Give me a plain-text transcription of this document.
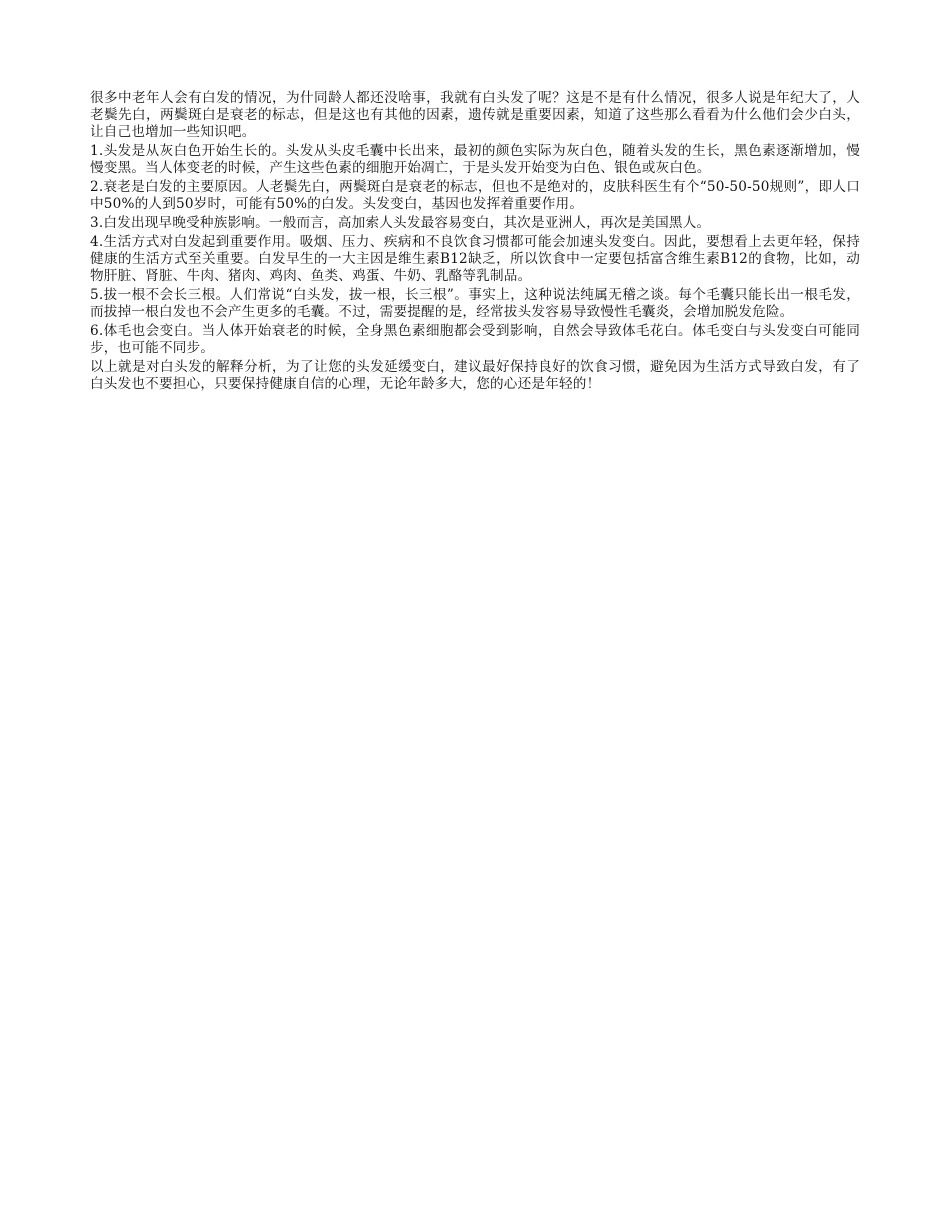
很多中老年人会有白发的情况，为什同龄人都还没啥事，我就有白头发了呢？这是不是有什么情况，很多人说是年纪大了，人老鬓先白，两鬓斑白是衰老的标志，但是这也有其他的因素，遗传就是重要因素，知道了这些那么看看为什么他们会少白头，让自己也增加一些知识吧。

1.头发是从灰白色开始生长的。头发从头皮毛囊中长出来，最初的颜色实际为灰白色，随着头发的生长，黑色素逐渐增加，慢慢变黑。当人体变老的时候，产生这些色素的细胞开始凋亡，于是头发开始变为白色、银色或灰白色。

2.衰老是白发的主要原因。人老鬓先白，两鬓斑白是衰老的标志，但也不是绝对的，皮肤科医生有个“50-50-50规则”，即人口中50%的人到50岁时，可能有50%的白发。头发变白，基因也发挥着重要作用。

3.白发出现早晚受种族影响。一般而言，高加索人头发最容易变白，其次是亚洲人，再次是美国黑人。

4.生活方式对白发起到重要作用。吸烟、压力、疾病和不良饮食习惯都可能会加速头发变白。因此，要想看上去更年轻，保持健康的生活方式至关重要。白发早生的一大主因是维生素B12缺乏，所以饮食中一定要包括富含维生素B12的食物，比如，动物肝脏、肾脏、牛肉、猪肉、鸡肉、鱼类、鸡蛋、牛奶、乳酪等乳制品。

5.拔一根不会长三根。人们常说“白头发，拔一根，长三根”。事实上，这种说法纯属无稽之谈。每个毛囊只能长出一根毛发，而拔掉一根白发也不会产生更多的毛囊。不过，需要提醒的是，经常拔头发容易导致慢性毛囊炎，会增加脱发危险。

6.体毛也会变白。当人体开始衰老的时候，全身黑色素细胞都会受到影响，自然会导致体毛花白。体毛变白与头发变白可能同步，也可能不同步。

以上就是对白头发的解释分析，为了让您的头发延缓变白，建议最好保持良好的饮食习惯，避免因为生活方式导致白发，有了白头发也不要担心，只要保持健康自信的心理，无论年龄多大，您的心还是年轻的！
